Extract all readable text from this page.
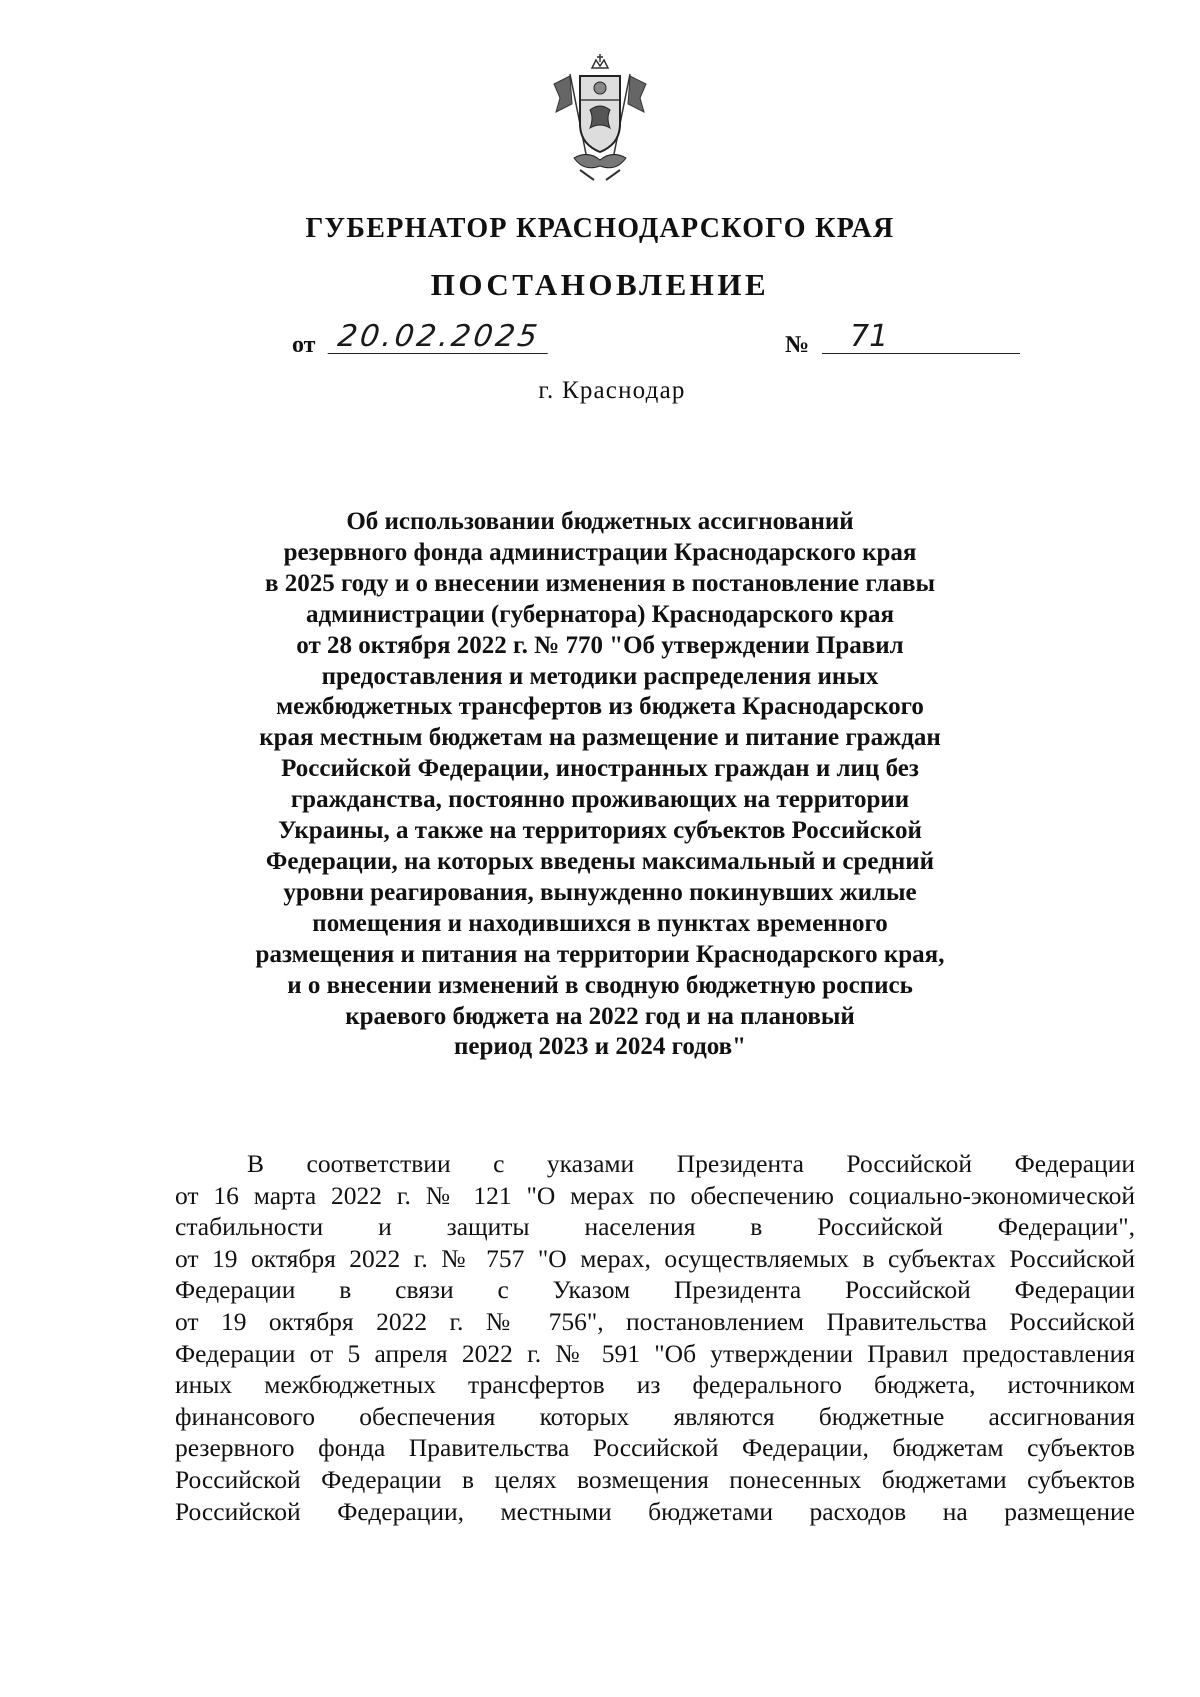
ГУБЕРНАТОР КРАСНОДАРСКОГО КРАЯ
ПОСТАНОВЛЕНИЕ
от 20.02.2025	№	71
г. Краснодар
Об использовании бюджетных ассигнований
резервного фонда администрации Краснодарского края
в 2025 году и о внесении изменения в постановление главы
администрации (губернатора) Краснодарского края
от 28 октября 2022 г. № 770 "Об утверждении Правил
предоставления и методики распределения иных
межбюджетных трансфертов из бюджета Краснодарского
края местным бюджетам на размещение и питание граждан
Российской Федерации, иностранных граждан и лиц без
гражданства, постоянно проживающих на территории
Украины, а также на территориях субъектов Российской
Федерации, на которых введены максимальный и средний
уровни реагирования, вынужденно покинувших жилые
помещения и находившихся в пунктах временного
размещения и питания на территории Краснодарского края,
и о внесении изменений в сводную бюджетную роспись
краевого бюджета на 2022 год и на плановый
период 2023 и 2024 годов"
В соответствии с указами Президента Российской Федерации
от 16 марта 2022 г. № 121 "О мерах по обеспечению социально-экономической
стабильности и защиты населения в Российской Федерации",
от 19 октября 2022 г. № 757 "О мерах, осуществляемых в субъектах Российской
Федерации в связи с Указом Президента Российской Федерации
от 19 октября 2022 г. № 756", постановлением Правительства Российской
Федерации от 5 апреля 2022 г. № 591 "Об утверждении Правил предоставления
иных межбюджетных трансфертов из федерального бюджета, источником
финансового обеспечения которых являются бюджетные ассигнования
резервного фонда Правительства Российской Федерации, бюджетам субъектов
Российской Федерации в целях возмещения понесенных бюджетами субъектов
Российской Федерации, местными бюджетами расходов на размещение
